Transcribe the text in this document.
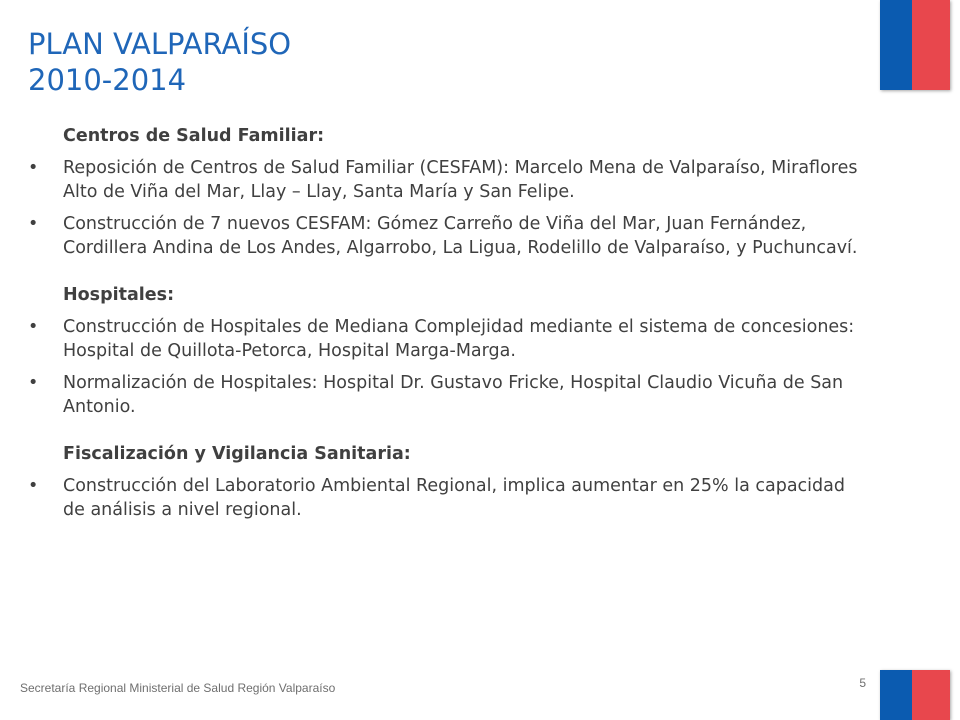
PLAN VALPARAÍSO
2010-2014
Centros de Salud Familiar:
•	Reposición de Centros de Salud Familiar (CESFAM): Marcelo Mena de Valparaíso, Miraflores Alto de Viña del Mar, Llay – Llay, Santa María y San Felipe.
•	Construcción de 7 nuevos CESFAM: Gómez Carreño de Viña del Mar, Juan Fernández, Cordillera Andina de Los Andes, Algarrobo, La Ligua, Rodelillo de Valparaíso, y Puchuncaví.
Hospitales:
•	Construcción de Hospitales de Mediana Complejidad mediante el sistema de concesiones: Hospital de Quillota-Petorca, Hospital Marga-Marga.
•	Normalización de Hospitales: Hospital Dr. Gustavo Fricke, Hospital Claudio Vicuña de San Antonio.
Fiscalización y Vigilancia Sanitaria:
•	Construcción del Laboratorio Ambiental Regional, implica aumentar en 25% la capacidad de análisis a nivel regional.
Secretaría Regional Ministerial de Salud Región Valparaíso	5
